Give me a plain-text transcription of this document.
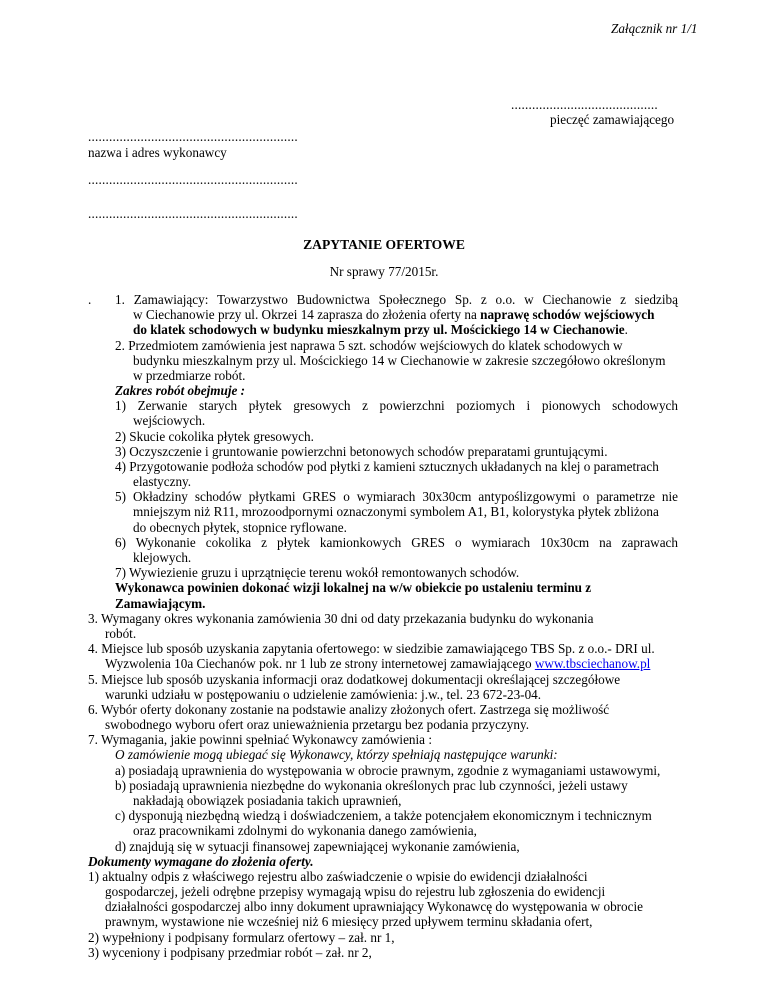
Załącznik nr 1/1
..........................................
pieczęć zamawiającego
............................................................
nazwa i adres wykonawcy
............................................................
............................................................
ZAPYTANIE OFERTOWE
Nr sprawy 77/2015r.
. 1. Zamawiający: Towarzystwo Budownictwa Społecznego Sp. z o.o. w Ciechanowie z siedzibą
w Ciechanowie przy ul. Okrzei 14 zaprasza do złożenia oferty na naprawę schodów wejściowych
do klatek schodowych w budynku mieszkalnym przy ul. Mościckiego 14 w Ciechanowie.
2. Przedmiotem zamówienia jest naprawa 5 szt. schodów wejściowych do klatek schodowych w
budynku mieszkalnym przy ul. Mościckiego 14 w Ciechanowie w zakresie szczegółowo określonym
w przedmiarze robót.
Zakres robót obejmuje :
1) Zerwanie starych płytek gresowych z powierzchni poziomych i pionowych schodowych
wejściowych.
2) Skucie cokolika płytek gresowych.
3) Oczyszczenie i gruntowanie powierzchni betonowych schodów preparatami gruntującymi.
4) Przygotowanie podłoża schodów pod płytki z kamieni sztucznych układanych na klej o parametrach
elastyczny.
5) Okładziny schodów płytkami GRES o wymiarach 30x30cm antypoślizgowymi o parametrze nie
mniejszym niż R11, mrozoodpornymi oznaczonymi symbolem A1, B1, kolorystyka płytek zbliżona
do obecnych płytek, stopnice ryflowane.
6) Wykonanie cokolika z płytek kamionkowych GRES o wymiarach 10x30cm na zaprawach
klejowych.
7) Wywiezienie gruzu i uprzątnięcie terenu wokół remontowanych schodów.
Wykonawca powinien dokonać wizji lokalnej na w/w obiekcie po ustaleniu terminu z
Zamawiającym.
3. Wymagany okres wykonania zamówienia 30 dni od daty przekazania budynku do wykonania
robót.
4. Miejsce lub sposób uzyskania zapytania ofertowego: w siedzibie zamawiającego TBS Sp. z o.o.- DRI ul.
Wyzwolenia 10a Ciechanów pok. nr 1 lub ze strony internetowej zamawiającego www.tbsciechanow.pl
5. Miejsce lub sposób uzyskania informacji oraz dodatkowej dokumentacji określającej szczegółowe
warunki udziału w postępowaniu o udzielenie zamówienia: j.w., tel. 23 672-23-04.
6. Wybór oferty dokonany zostanie na podstawie analizy złożonych ofert. Zastrzega się możliwość
swobodnego wyboru ofert oraz unieważnienia przetargu bez podania przyczyny.
7. Wymagania, jakie powinni spełniać Wykonawcy zamówienia :
O zamówienie mogą ubiegać się Wykonawcy, którzy spełniają następujące warunki:
a) posiadają uprawnienia do występowania w obrocie prawnym, zgodnie z wymaganiami ustawowymi,
b) posiadają uprawnienia niezbędne do wykonania określonych prac lub czynności, jeżeli ustawy
nakładają obowiązek posiadania takich uprawnień,
c) dysponują niezbędną wiedzą i doświadczeniem, a także potencjałem ekonomicznym i technicznym
oraz pracownikami zdolnymi do wykonania danego zamówienia,
d) znajdują się w sytuacji finansowej zapewniającej wykonanie zamówienia,
Dokumenty wymagane do złożenia oferty.
1) aktualny odpis z właściwego rejestru albo zaświadczenie o wpisie do ewidencji działalności
gospodarczej, jeżeli odrębne przepisy wymagają wpisu do rejestru lub zgłoszenia do ewidencji
działalności gospodarczej albo inny dokument uprawniający Wykonawcę do występowania w obrocie
prawnym, wystawione nie wcześniej niż 6 miesięcy przed upływem terminu składania ofert,
2) wypełniony i podpisany formularz ofertowy – zał. nr 1,
3) wyceniony i podpisany przedmiar robót – zał. nr 2,
